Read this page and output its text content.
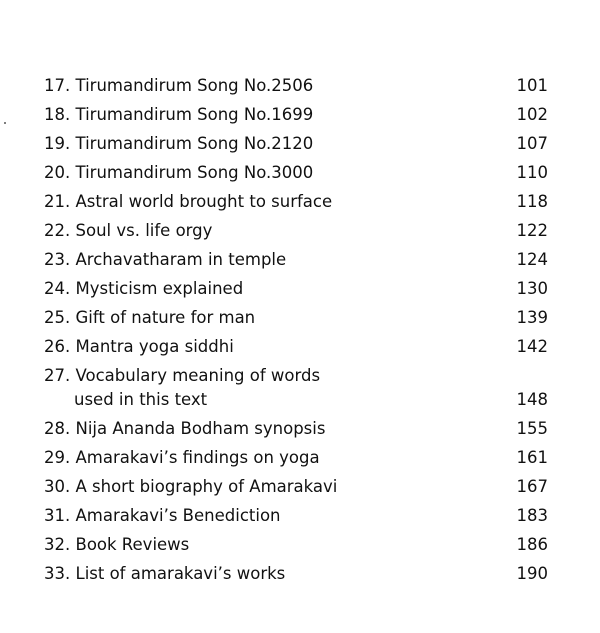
17. Tirumandirum Song No.2506	101
18. Tirumandirum Song No.1699	102
19. Tirumandirum Song No.2120	107
20. Tirumandirum Song No.3000	110
21. Astral world brought to surface	118
22. Soul vs. life orgy	122
23. Archavatharam in temple	124
24. Mysticism explained	130
25. Gift of nature for man	139
26. Mantra yoga siddhi	142
27. Vocabulary meaning of words
used in this text	148
28. Nija Ananda Bodham synopsis	155
29. Amarakavi’s findings on yoga	161
30. A short biography of Amarakavi	167
31. Amarakavi’s Benediction	183
32. Book Reviews	186
33. List of amarakavi’s works	190
